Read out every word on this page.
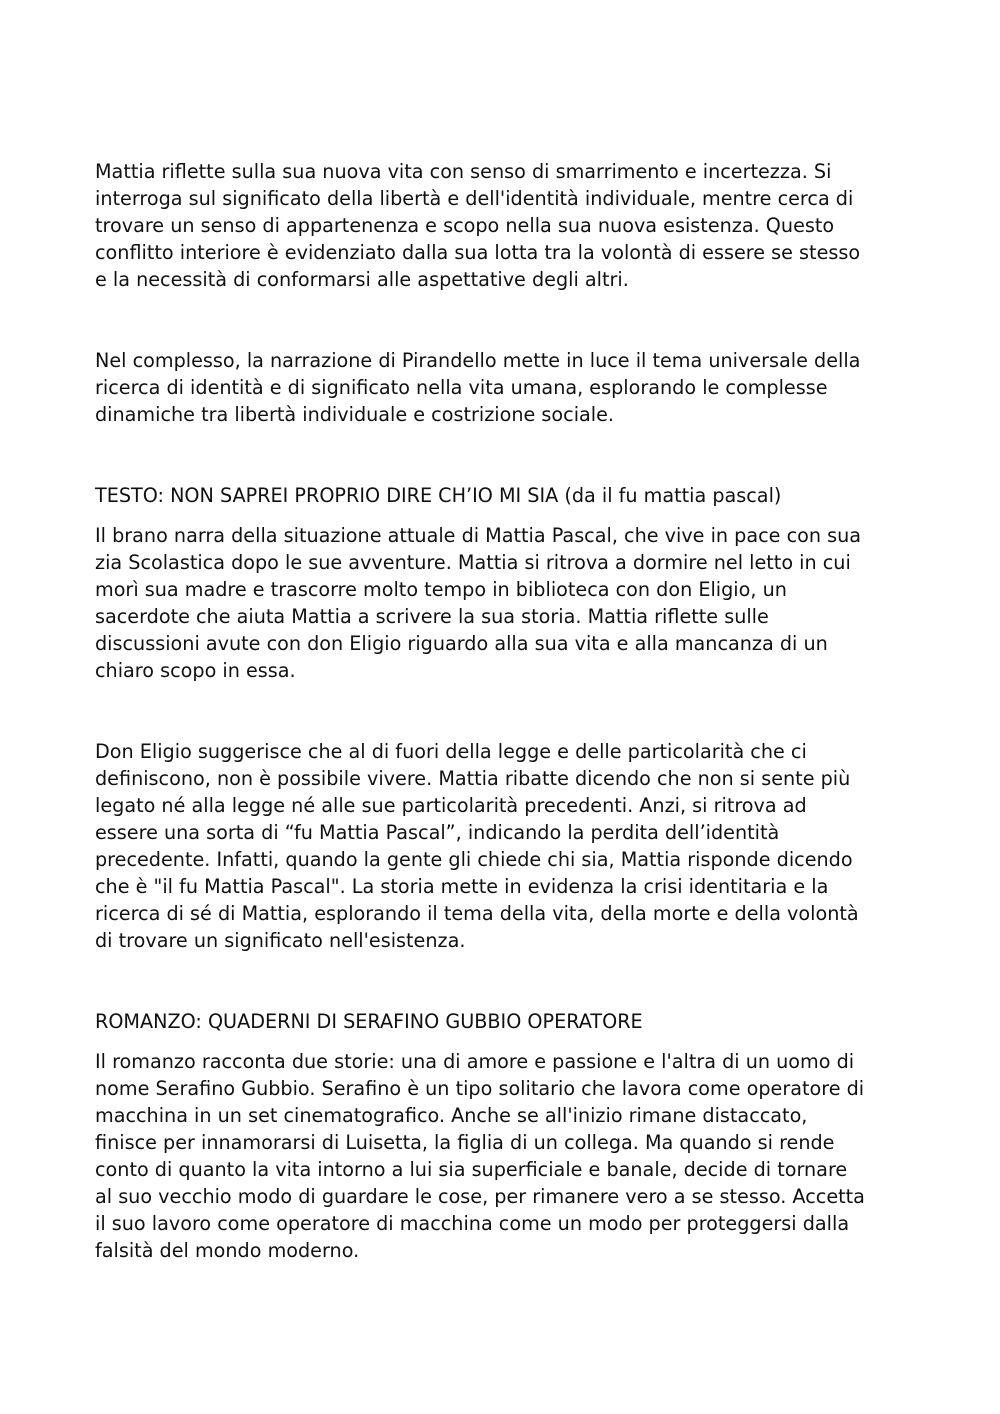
Mattia riflette sulla sua nuova vita con senso di smarrimento e incertezza. Si
interroga sul significato della libertà e dell'identità individuale, mentre cerca di
trovare un senso di appartenenza e scopo nella sua nuova esistenza. Questo
conflitto interiore è evidenziato dalla sua lotta tra la volontà di essere se stesso
e la necessità di conformarsi alle aspettative degli altri.

Nel complesso, la narrazione di Pirandello mette in luce il tema universale della
ricerca di identità e di significato nella vita umana, esplorando le complesse
dinamiche tra libertà individuale e costrizione sociale.

TESTO: NON SAPREI PROPRIO DIRE CH’IO MI SIA (da il fu mattia pascal)

Il brano narra della situazione attuale di Mattia Pascal, che vive in pace con sua
zia Scolastica dopo le sue avventure. Mattia si ritrova a dormire nel letto in cui
morì sua madre e trascorre molto tempo in biblioteca con don Eligio, un
sacerdote che aiuta Mattia a scrivere la sua storia. Mattia riflette sulle
discussioni avute con don Eligio riguardo alla sua vita e alla mancanza di un
chiaro scopo in essa.

Don Eligio suggerisce che al di fuori della legge e delle particolarità che ci
definiscono, non è possibile vivere. Mattia ribatte dicendo che non si sente più
legato né alla legge né alle sue particolarità precedenti. Anzi, si ritrova ad
essere una sorta di “fu Mattia Pascal”, indicando la perdita dell’identità
precedente. Infatti, quando la gente gli chiede chi sia, Mattia risponde dicendo
che è "il fu Mattia Pascal". La storia mette in evidenza la crisi identitaria e la
ricerca di sé di Mattia, esplorando il tema della vita, della morte e della volontà
di trovare un significato nell'esistenza.

ROMANZO: QUADERNI DI SERAFINO GUBBIO OPERATORE

Il romanzo racconta due storie: una di amore e passione e l'altra di un uomo di
nome Serafino Gubbio. Serafino è un tipo solitario che lavora come operatore di
macchina in un set cinematografico. Anche se all'inizio rimane distaccato,
finisce per innamorarsi di Luisetta, la figlia di un collega. Ma quando si rende
conto di quanto la vita intorno a lui sia superficiale e banale, decide di tornare
al suo vecchio modo di guardare le cose, per rimanere vero a se stesso. Accetta
il suo lavoro come operatore di macchina come un modo per proteggersi dalla
falsità del mondo moderno.
